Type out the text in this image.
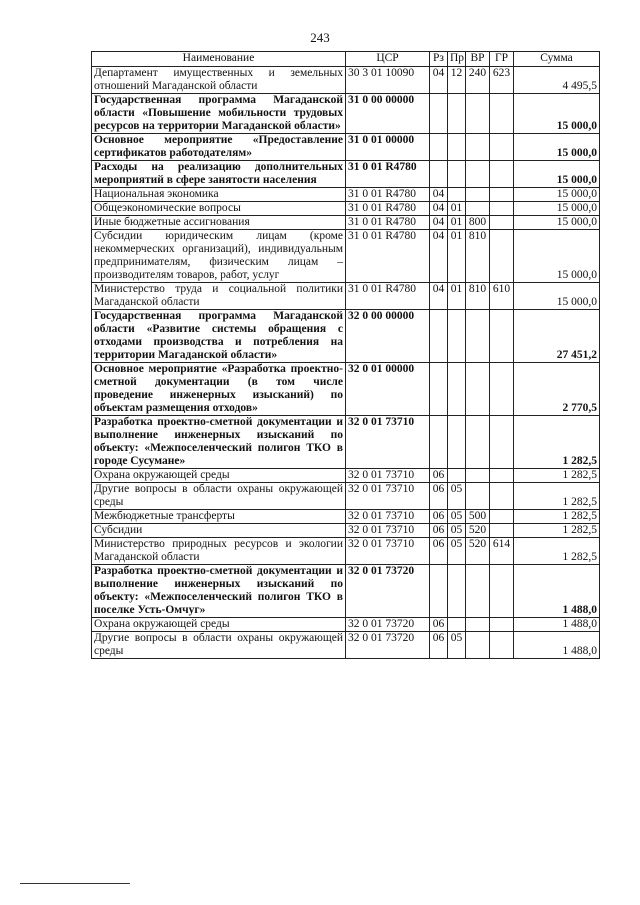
243
Наименование	ЦСР	Рз	Пр	ВР	ГР	Сумма
Департамент имущественных и земельных отношений Магаданской области	30 3 01 10090	04	12	240	623	4 495,5
Государственная программа Магаданской области «Повышение мобильности трудовых ресурсов на территории Магаданской области»	31 0 00 00000					15 000,0
Основное мероприятие «Предоставление сертификатов работодателям»	31 0 01 00000					15 000,0
Расходы на реализацию дополнительных мероприятий в сфере занятости населения	31 0 01 R4780					15 000,0
Национальная экономика	31 0 01 R4780	04				15 000,0
Общеэкономические вопросы	31 0 01 R4780	04	01			15 000,0
Иные бюджетные ассигнования	31 0 01 R4780	04	01	800		15 000,0
Субсидии юридическим лицам (кроме некоммерческих организаций), индивидуальным предпринимателям, физическим лицам – производителям товаров, работ, услуг	31 0 01 R4780	04	01	810		15 000,0
Министерство труда и социальной политики Магаданской области	31 0 01 R4780	04	01	810	610	15 000,0
Государственная программа Магаданской области «Развитие системы обращения с отходами производства и потребления на территории Магаданской области»	32 0 00 00000					27 451,2
Основное мероприятие «Разработка проектно-сметной документации (в том числе проведение инженерных изысканий) по объектам размещения отходов»	32 0 01 00000					2 770,5
Разработка проектно-сметной документации и выполнение инженерных изысканий по объекту: «Межпоселенческий полигон ТКО в городе Сусумане»	32 0 01 73710					1 282,5
Охрана окружающей среды	32 0 01 73710	06				1 282,5
Другие вопросы в области охраны окружающей среды	32 0 01 73710	06	05			1 282,5
Межбюджетные трансферты	32 0 01 73710	06	05	500		1 282,5
Субсидии	32 0 01 73710	06	05	520		1 282,5
Министерство природных ресурсов и экологии Магаданской области	32 0 01 73710	06	05	520	614	1 282,5
Разработка проектно-сметной документации и выполнение инженерных изысканий по объекту: «Межпоселенческий полигон ТКО в поселке Усть-Омчуг»	32 0 01 73720					1 488,0
Охрана окружающей среды	32 0 01 73720	06				1 488,0
Другие вопросы в области охраны окружающей среды	32 0 01 73720	06	05			1 488,0
